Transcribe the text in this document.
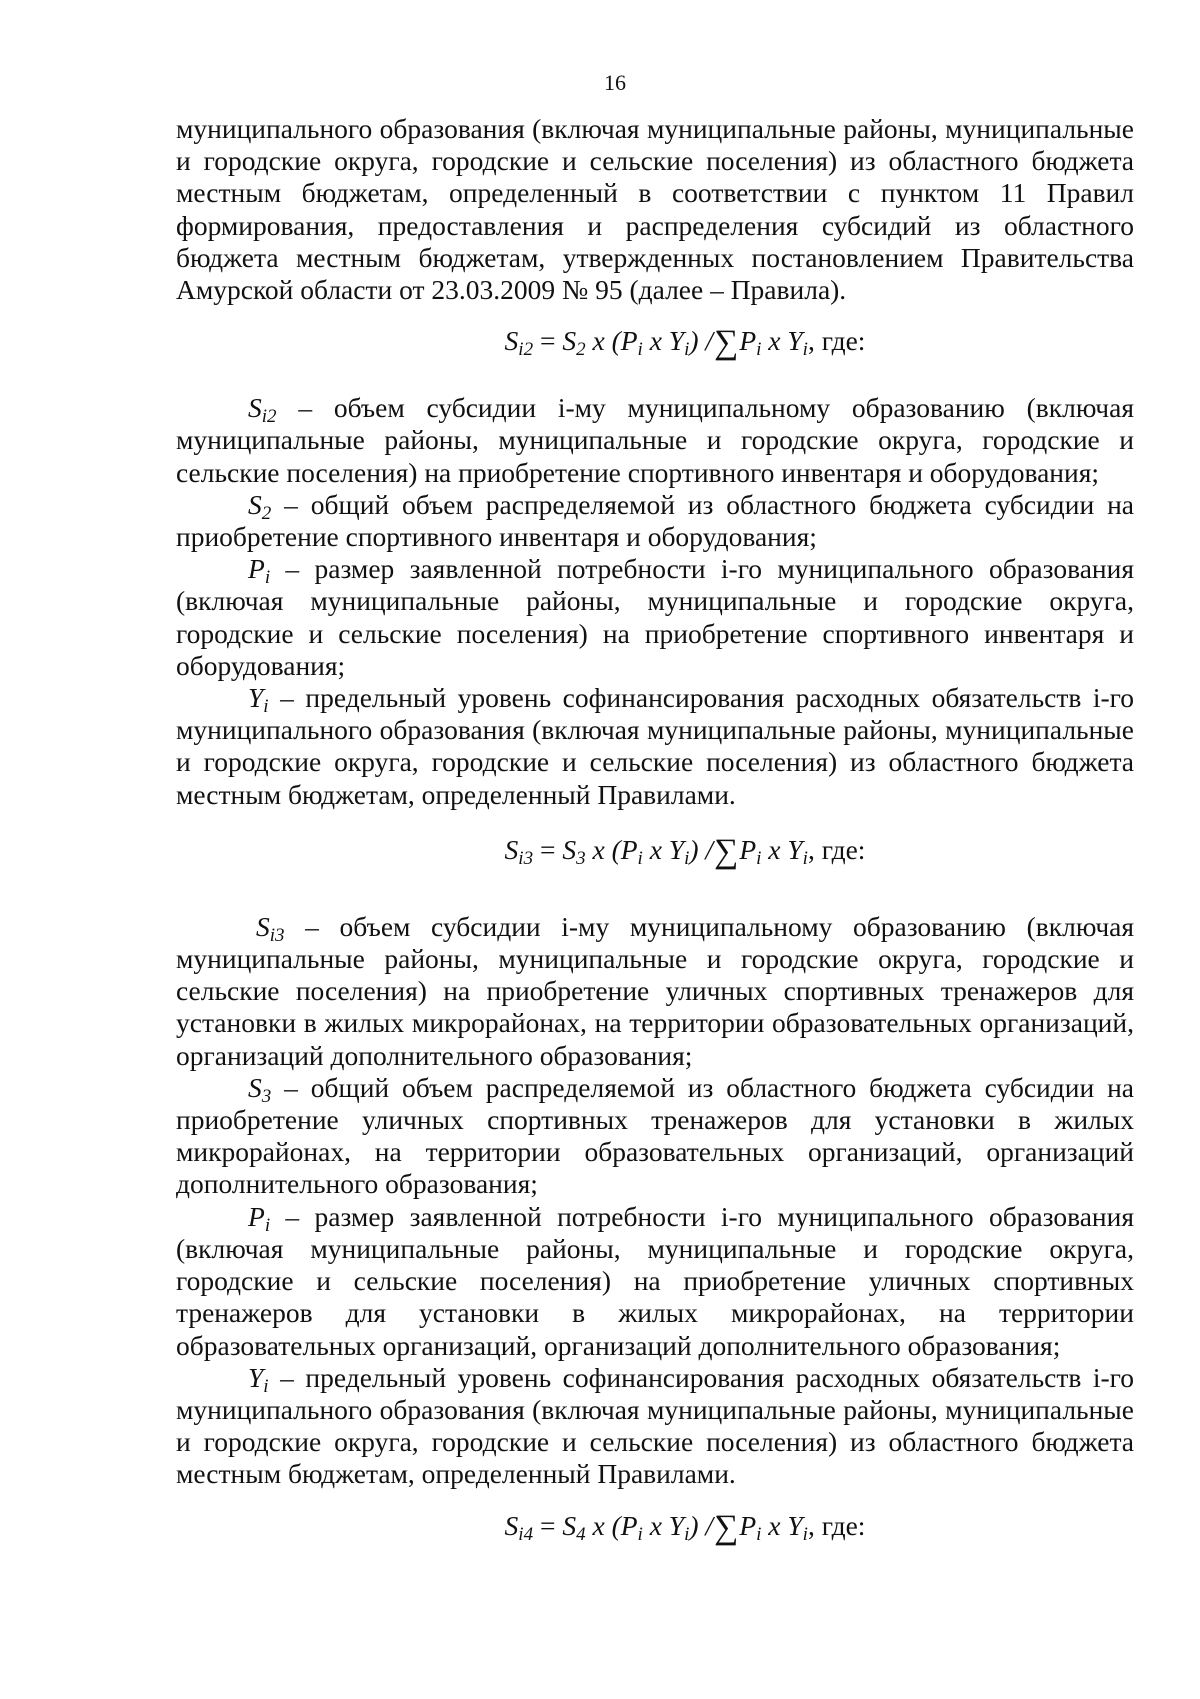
16

муниципального образования (включая муниципальные районы, муниципальные и городские округа, городские и сельские поселения) из областного бюджета местным бюджетам, определенный в соответствии с пунктом 11 Правил формирования, предоставления и распределения субсидий из областного бюджета местным бюджетам, утвержденных постановлением Правительства Амурской области от 23.03.2009 № 95 (далее – Правила).

$S_{i2} = S_2$ x ($P_i$ x $Y_i$) $/\sum P_i$ x $Y_i$, где:

$S_{i2}$ – объем субсидии i-му муниципальному образованию (включая муниципальные районы, муниципальные и городские округа, городские и сельские поселения) на приобретение спортивного инвентаря и оборудования;

$S_2$ – общий объем распределяемой из областного бюджета субсидии на приобретение спортивного инвентаря и оборудования;

$P_i$ – размер заявленной потребности i-го муниципального образования (включая муниципальные районы, муниципальные и городские округа, городские и сельские поселения) на приобретение спортивного инвентаря и оборудования;

$Y_i$ – предельный уровень софинансирования расходных обязательств i-го муниципального образования (включая муниципальные районы, муниципальные и городские округа, городские и сельские поселения) из областного бюджета местным бюджетам, определенный Правилами.

$S_{i3} = S_3$ x ($P_i$ x $Y_i$) $/\sum P_i$ x $Y_i$, где:

$S_{i3}$ – объем субсидии i-му муниципальному образованию (включая муниципальные районы, муниципальные и городские округа, городские и сельские поселения) на приобретение уличных спортивных тренажеров для установки в жилых микрорайонах, на территории образовательных организаций, организаций дополнительного образования;

$S_3$ – общий объем распределяемой из областного бюджета субсидии на приобретение уличных спортивных тренажеров для установки в жилых микрорайонах, на территории образовательных организаций, организаций дополнительного образования;

$P_i$ – размер заявленной потребности i-го муниципального образования (включая муниципальные районы, муниципальные и городские округа, городские и сельские поселения) на приобретение уличных спортивных тренажеров для установки в жилых микрорайонах, на территории образовательных организаций, организаций дополнительного образования;

$Y_i$ – предельный уровень софинансирования расходных обязательств i-го муниципального образования (включая муниципальные районы, муниципальные и городские округа, городские и сельские поселения) из областного бюджета местным бюджетам, определенный Правилами.

$S_{i4} = S_4$ x ($P_i$ x $Y_i$) $/\sum P_i$ x $Y_i$, где:
